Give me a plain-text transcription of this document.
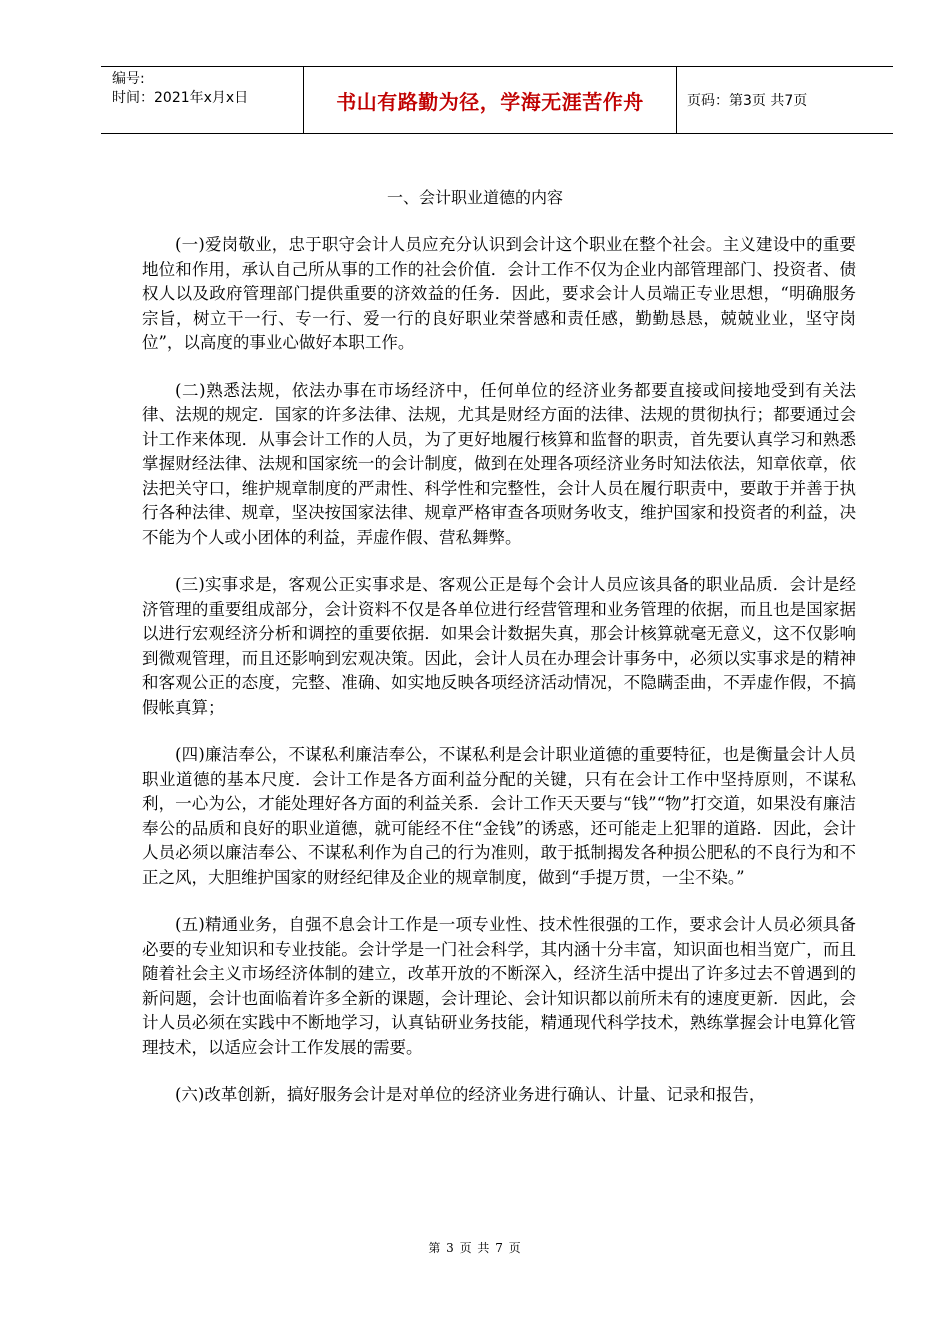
编号:
时间：2021年x月x日	书山有路勤为径，学海无涯苦作舟	页码：第3页 共7页
一、会计职业道德的内容

(一)爱岗敬业，忠于职守会计人员应充分认识到会计这个职业在整个社会。主义建设中的重要地位和作用，承认自己所从事的工作的社会价值．会计工作不仅为企业内部管理部门、投资者、债权人以及政府管理部门提供重要的济效益的任务．因此，要求会计人员端正专业思想，“明确服务宗旨，树立干一行、专一行、爱一行的良好职业荣誉感和责任感，勤勤恳恳，兢兢业业，坚守岗位”，以高度的事业心做好本职工作。

(二)熟悉法规，依法办事在市场经济中，任何单位的经济业务都要直接或间接地受到有关法律、法规的规定．国家的许多法律、法规，尤其是财经方面的法律、法规的贯彻执行；都要通过会计工作来体现．从事会计工作的人员，为了更好地履行核算和监督的职责，首先要认真学习和熟悉掌握财经法律、法规和国家统一的会计制度，做到在处理各项经济业务时知法依法，知章依章，依法把关守口，维护规章制度的严肃性、科学性和完整性，会计人员在履行职责中，要敢于并善于执行各种法律、规章，坚决按国家法律、规章严格审查各项财务收支，维护国家和投资者的利益，决不能为个人或小团体的利益，弄虚作假、营私舞弊。

(三)实事求是，客观公正实事求是、客观公正是每个会计人员应该具备的职业品质．会计是经济管理的重要组成部分，会计资料不仅是各单位进行经营管理和业务管理的依据，而且也是国家据以进行宏观经济分析和调控的重要依据．如果会计数据失真，那会计核算就毫无意义，这不仅影响到微观管理，而且还影响到宏观决策。因此，会计人员在办理会计事务中，必须以实事求是的精神和客观公正的态度，完整、准确、如实地反映各项经济活动情况，不隐瞒歪曲，不弄虚作假，不搞假帐真算；

(四)廉洁奉公，不谋私利廉洁奉公，不谋私利是会计职业道德的重要特征，也是衡量会计人员职业道德的基本尺度．会计工作是各方面利益分配的关键，只有在会计工作中坚持原则，不谋私利，一心为公，才能处理好各方面的利益关系．会计工作天天要与“钱”“物”打交道，如果没有廉洁奉公的品质和良好的职业道德，就可能经不住“金钱”的诱惑，还可能走上犯罪的道路．因此，会计人员必须以廉洁奉公、不谋私利作为自己的行为准则，敢于抵制揭发各种损公肥私的不良行为和不正之风，大胆维护国家的财经纪律及企业的规章制度，做到“手提万贯，一尘不染。”

(五)精通业务，自强不息会计工作是一项专业性、技术性很强的工作，要求会计人员必须具备必要的专业知识和专业技能。会计学是一门社会科学，其内涵十分丰富，知识面也相当宽广，而且随着社会主义市场经济体制的建立，改革开放的不断深入，经济生活中提出了许多过去不曾遇到的新问题，会计也面临着许多全新的课题，会计理论、会计知识都以前所未有的速度更新．因此，会计人员必须在实践中不断地学习，认真钻研业务技能，精通现代科学技术，熟练掌握会计电算化管理技术，以适应会计工作发展的需要。

(六)改革创新，搞好服务会计是对单位的经济业务进行确认、计量、记录和报告，

第 3 页 共 7 页
